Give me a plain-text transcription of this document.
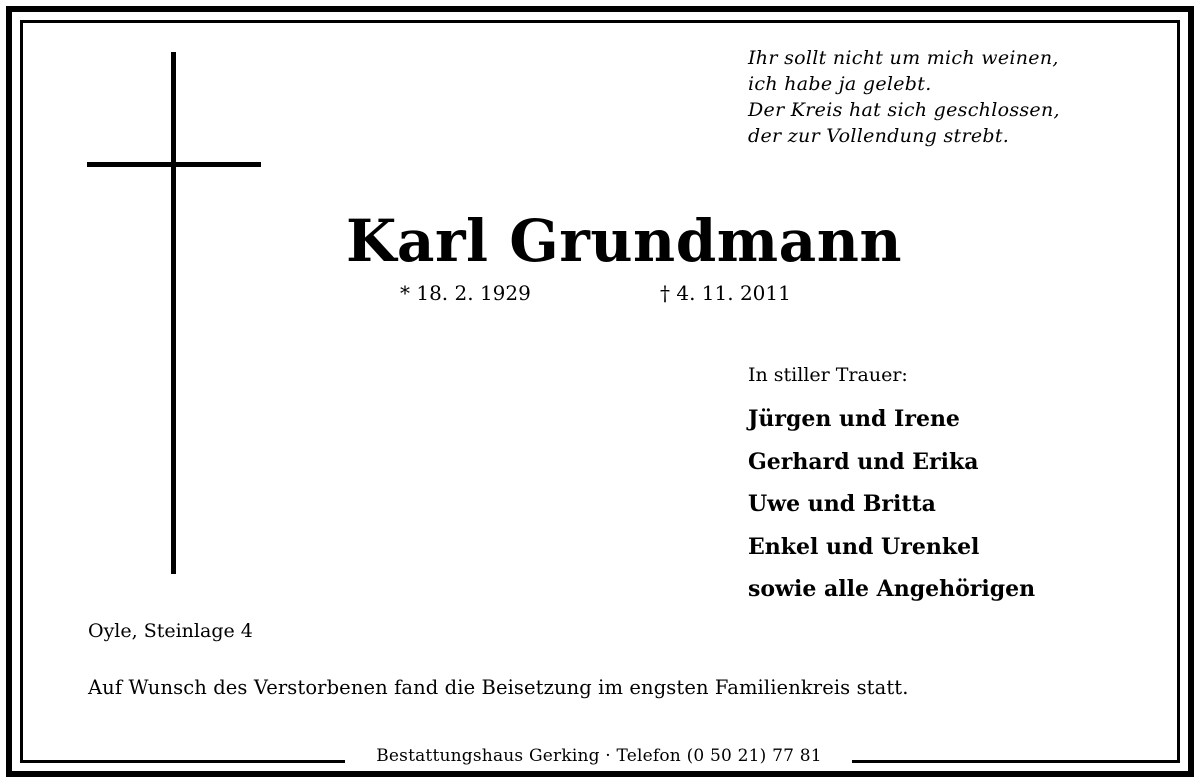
Ihr sollt nicht um mich weinen,
ich habe ja gelebt.
Der Kreis hat sich geschlossen,
der zur Vollendung strebt.
Karl Grundmann
* 18. 2. 1929	† 4. 11. 2011
In stiller Trauer:
Jürgen und Irene
Gerhard und Erika
Uwe und Britta
Enkel und Urenkel
sowie alle Angehörigen
Oyle, Steinlage 4
Auf Wunsch des Verstorbenen fand die Beisetzung im engsten Familienkreis statt.
Bestattungshaus Gerking · Telefon (0 50 21) 77 81
